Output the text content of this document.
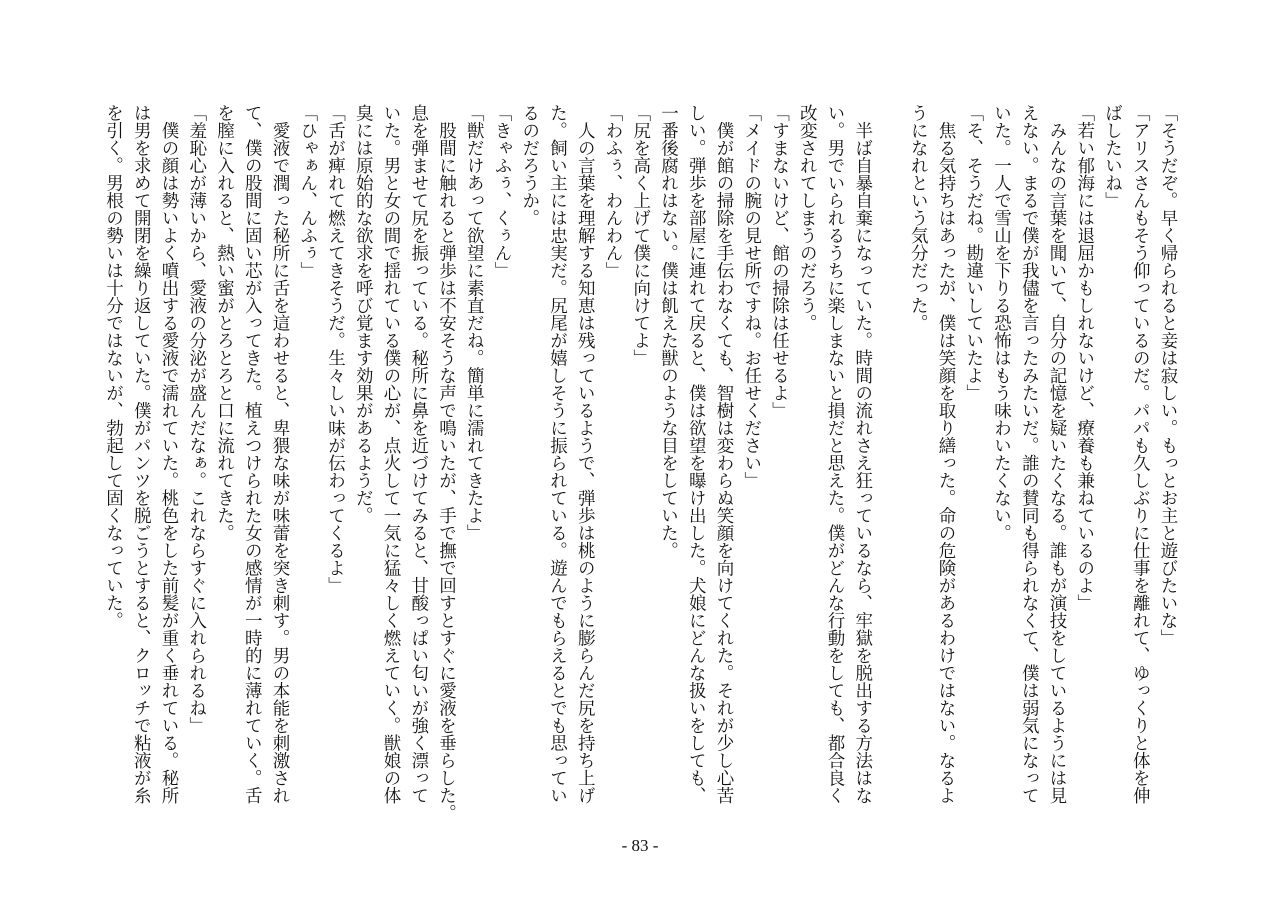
「そうだぞ。早く帰られると妾は寂しい。もっとお主と遊びたいな」
「アリスさんもそう仰っているのだ。パパも久しぶりに仕事を離れて、ゆっくりと体を伸
ばしたいね」
「若い郁海には退屈かもしれないけど、療養も兼ねているのよ」
　みんなの言葉を聞いて、自分の記憶を疑いたくなる。誰もが演技をしているようには見
えない。まるで僕が我儘を言ったみたいだ。誰の賛同も得られなくて、僕は弱気になって
いた。一人で雪山を下りる恐怖はもう味わいたくない。
「そ、そうだね。勘違いしていたよ」
　焦る気持ちはあったが、僕は笑顔を取り繕った。命の危険があるわけではない。なるよ
うになれという気分だった。
　半ば自暴自棄になっていた。時間の流れさえ狂っているなら、牢獄を脱出する方法はな
い。男でいられるうちに楽しまないと損だと思えた。僕がどんな行動をしても、都合良く
改変されてしまうのだろう。
「すまないけど、館の掃除は任せるよ」
「メイドの腕の見せ所ですね。お任せください」
　僕が館の掃除を手伝わなくても、智樹は変わらぬ笑顔を向けてくれた。それが少し心苦
しい。弾歩を部屋に連れて戻ると、僕は欲望を曝け出した。犬娘にどんな扱いをしても、
一番後腐れはない。僕は飢えた獣のような目をしていた。
「尻を高く上げて僕に向けてよ」
「わふぅ、わんわん」
　人の言葉を理解する知恵は残っているようで、弾歩は桃のように膨らんだ尻を持ち上げ
た。飼い主には忠実だ。尻尾が嬉しそうに振られている。遊んでもらえるとでも思ってい
るのだろうか。
「きゃふぅ、くぅん」
「獣だけあって欲望に素直だね。簡単に濡れてきたよ」
　股間に触れると弾歩は不安そうな声で鳴いたが、手で撫で回すとすぐに愛液を垂らした。
息を弾ませて尻を振っている。秘所に鼻を近づけてみると、甘酸っぱい匂いが強く漂って
いた。男と女の間で揺れている僕の心が、点火して一気に猛々しく燃えていく。獣娘の体
臭には原始的な欲求を呼び覚ます効果があるようだ。
「舌が痺れて燃えてきそうだ。生々しい味が伝わってくるよ」
「ひゃぁん、んふぅ」
　愛液で潤った秘所に舌を這わせると、卑猥な味が味蕾を突き刺す。男の本能を刺激され
て、僕の股間に固い芯が入ってきた。植えつけられた女の感情が一時的に薄れていく。舌
を膣に入れると、熱い蜜がとろとろと口に流れてきた。
「羞恥心が薄いから、愛液の分泌が盛んだなぁ。これならすぐに入れられるね」
　僕の顔は勢いよく噴出する愛液で濡れていた。桃色をした前髪が重く垂れている。秘所
は男を求めて開閉を繰り返していた。僕がパンツを脱ごうとすると、クロッチで粘液が糸
を引く。男根の勢いは十分ではないが、勃起して固くなっていた。
- 83 -
